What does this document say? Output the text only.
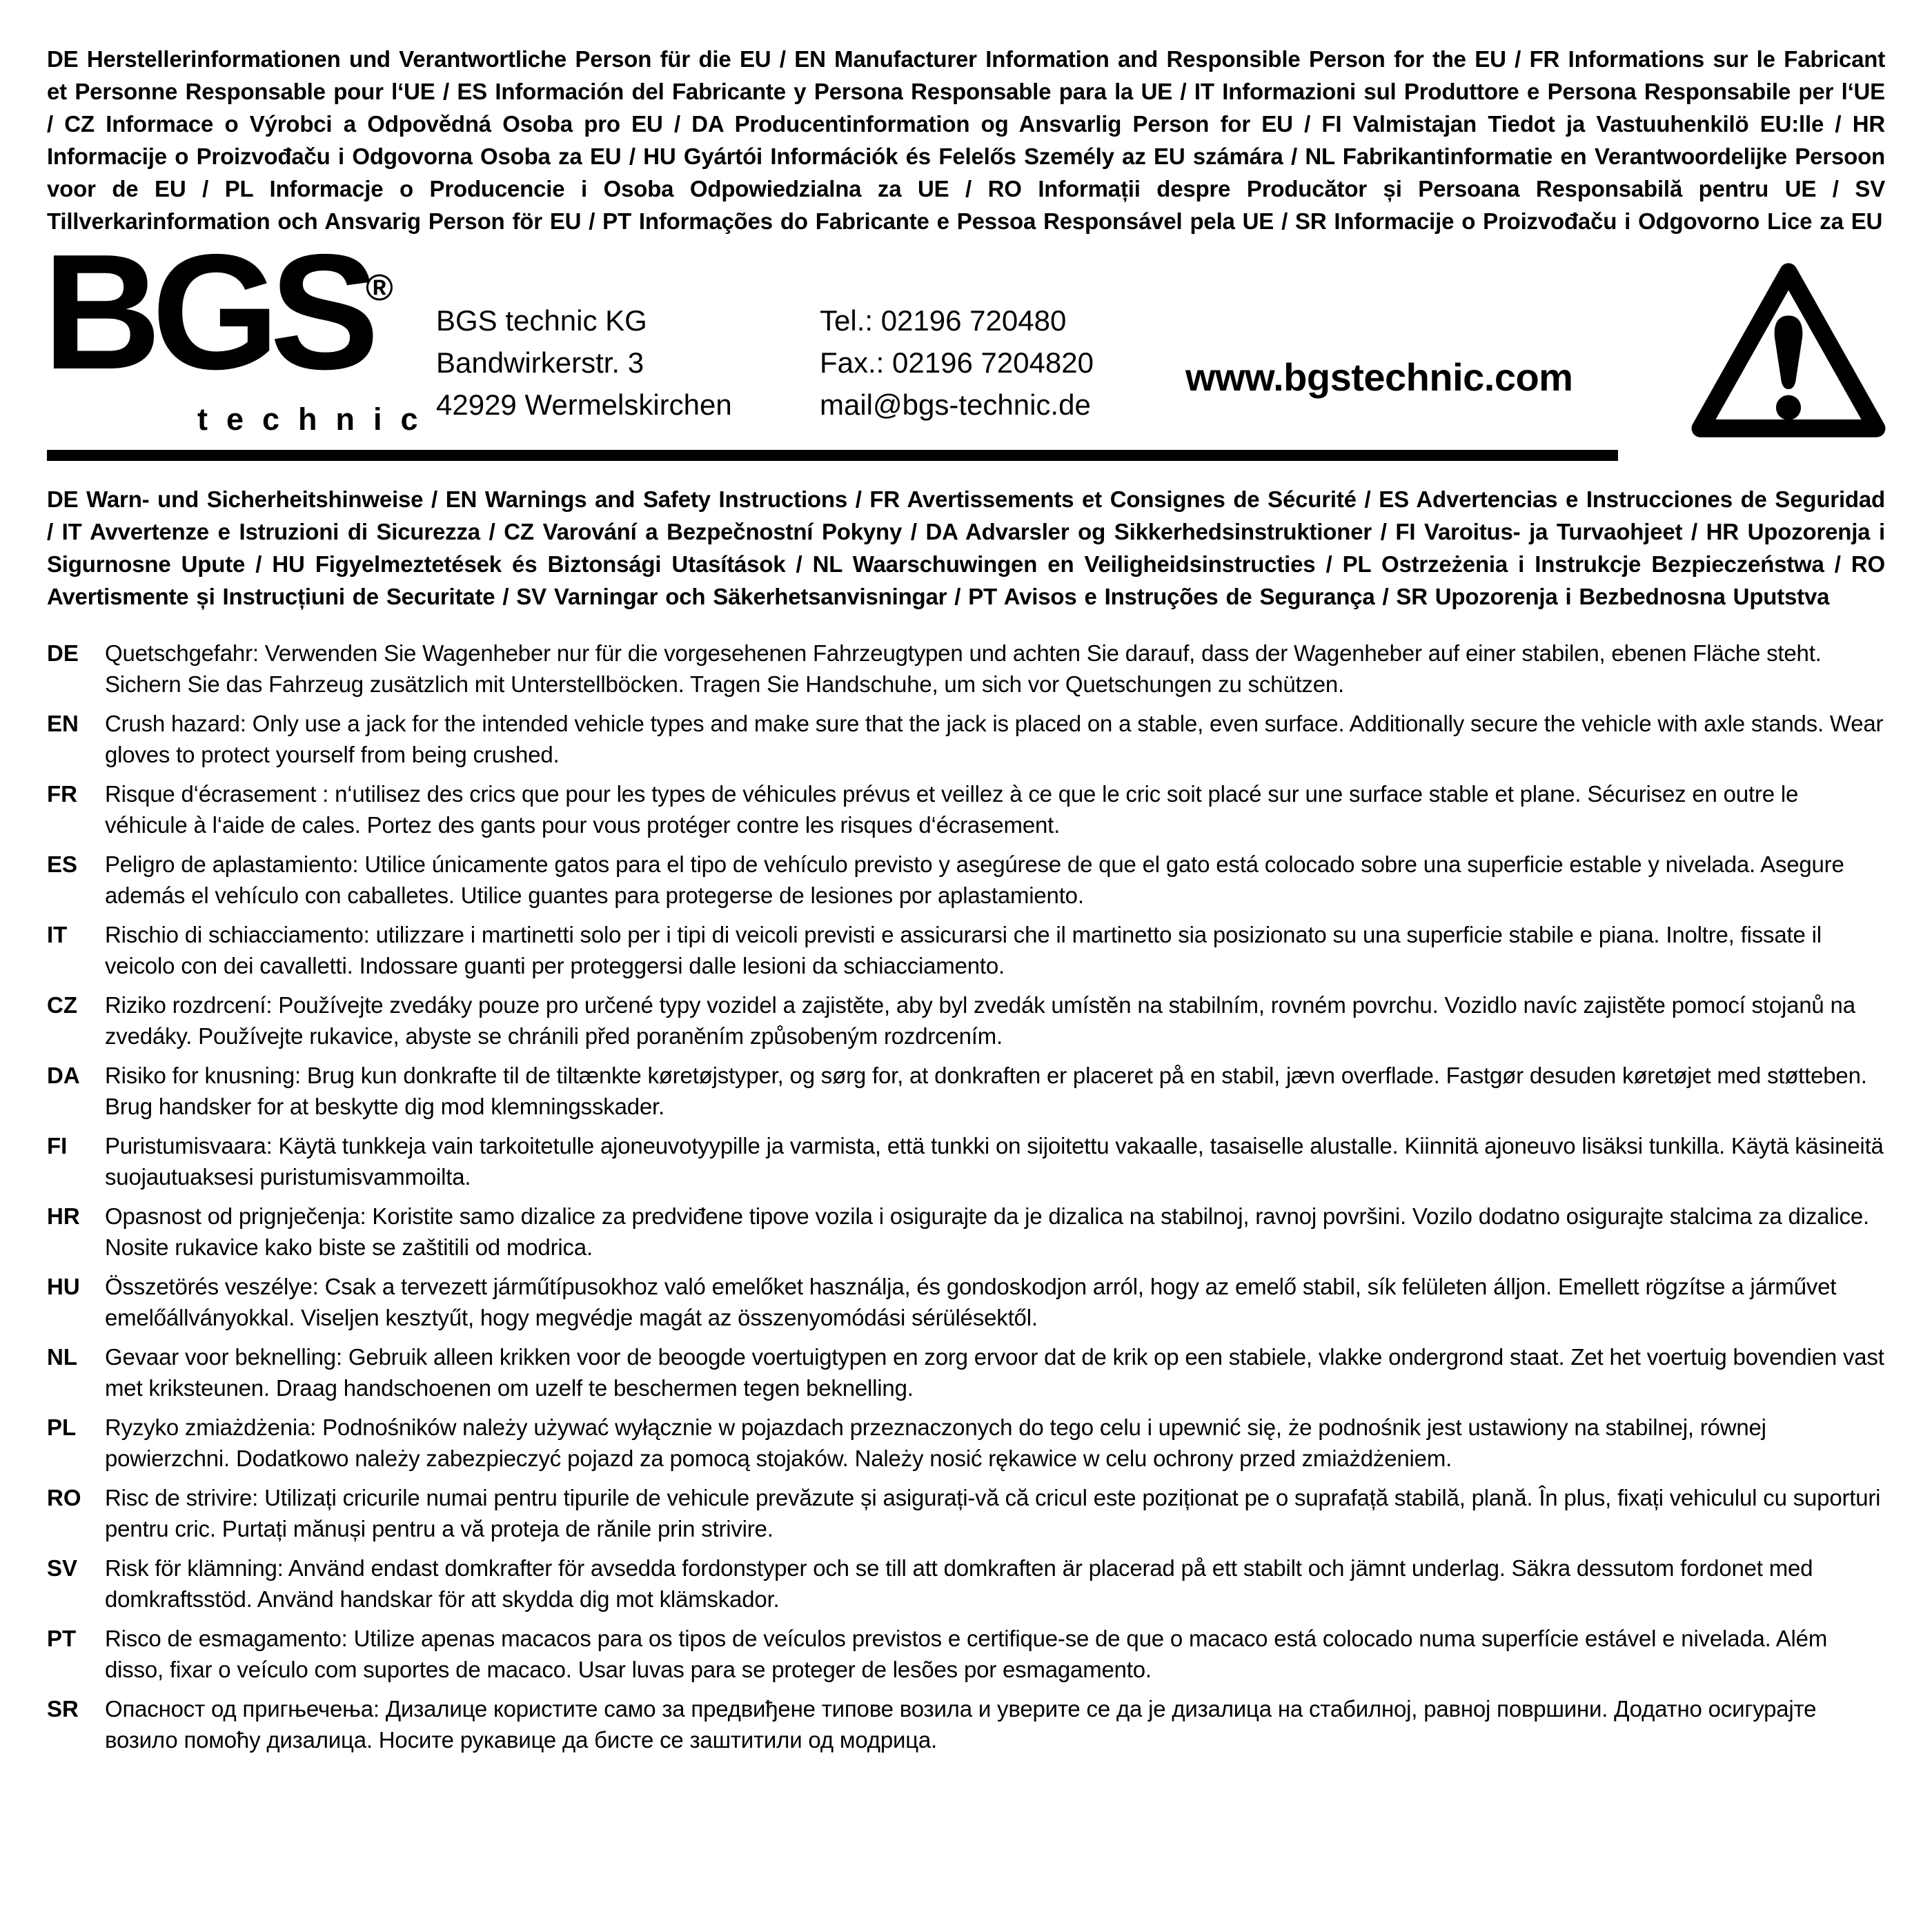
DE Herstellerinformationen und Verantwortliche Person für die EU / EN Manufacturer Information and Responsible Person for the EU / FR Informations sur le Fabricant et Personne Responsable pour l‘UE / ES Información del Fabricante y Persona Responsable para la UE / IT Informazioni sul Produttore e Persona Responsabile per l‘UE / CZ Informace o Výrobci a Odpovědná Osoba pro EU / DA Producentinformation og Ansvarlig Person for EU / FI Valmistajan Tiedot ja Vastuuhenkilö EU:lle / HR Informacije o Proizvođaču i Odgovorna Osoba za EU / HU Gyártói Információk és Felelős Személy az EU számára / NL Fabrikantinformatie en Verantwoordelijke Persoon voor de EU / PL Informacje o Producencie i Osoba Odpowiedzialna za UE / RO Informații despre Producător și Persoana Responsabilă pentru UE / SV Tillverkarinformation och Ansvarig Person för EU / PT Informações do Fabricante e Pessoa Responsável pela UE / SR Informacije o Proizvođaču i Odgovorno Lice za EU
BGS
®
technic
BGS technic KG
Bandwirkerstr. 3
42929 Wermelskirchen
Tel.: 02196 720480
Fax.: 02196 7204820
mail@bgs-technic.de
www.bgstechnic.com
DE Warn- und Sicherheitshinweise / EN Warnings and Safety Instructions / FR Avertissements et Consignes de Sécurité / ES Advertencias e Instrucciones de Seguridad / IT Avvertenze e Istruzioni di Sicurezza / CZ Varování a Bezpečnostní Pokyny / DA Advarsler og Sikkerhedsinstruktioner / FI Varoitus- ja Turvaohjeet / HR Upozorenja i Sigurnosne Upute / HU Figyelmeztetések és Biztonsági Utasítások / NL Waarschuwingen en Veiligheidsinstructies / PL Ostrzeżenia i Instrukcje Bezpieczeństwa / RO Avertismente și Instrucțiuni de Securitate / SV Varningar och Säkerhetsanvisningar / PT Avisos e Instruções de Segurança / SR Upozorenja i Bezbednosna Uputstva
DE	Quetschgefahr: Verwenden Sie Wagenheber nur für die vorgesehenen Fahrzeugtypen und achten Sie darauf, dass der Wagenheber auf einer stabilen, ebenen Fläche steht. Sichern Sie das Fahrzeug zusätzlich mit Unterstellböcken. Tragen Sie Handschuhe, um sich vor Quetschungen zu schützen.
EN	Crush hazard: Only use a jack for the intended vehicle types and make sure that the jack is placed on a stable, even surface. Additionally secure the vehicle with axle stands. Wear gloves to protect yourself from being crushed.
FR	Risque d‘écrasement : n‘utilisez des crics que pour les types de véhicules prévus et veillez à ce que le cric soit placé sur une surface stable et plane. Sécurisez en outre le véhicule à l‘aide de cales. Portez des gants pour vous protéger contre les risques d‘écrasement.
ES	Peligro de aplastamiento: Utilice únicamente gatos para el tipo de vehículo previsto y asegúrese de que el gato está colocado sobre una superficie estable y nivelada. Asegure además el vehículo con caballetes. Utilice guantes para protegerse de lesiones por aplastamiento.
IT	Rischio di schiacciamento: utilizzare i martinetti solo per i tipi di veicoli previsti e assicurarsi che il martinetto sia posizionato su una superficie stabile e piana. Inoltre, fissate il veicolo con dei cavalletti. Indossare guanti per proteggersi dalle lesioni da schiacciamento.
CZ	Riziko rozdrcení: Používejte zvedáky pouze pro určené typy vozidel a zajistěte, aby byl zvedák umístěn na stabilním, rovném povrchu. Vozidlo navíc zajistěte pomocí stojanů na zvedáky. Používejte rukavice, abyste se chránili před poraněním způsobeným rozdrcením.
DA	Risiko for knusning: Brug kun donkrafte til de tiltænkte køretøjstyper, og sørg for, at donkraften er placeret på en stabil, jævn overflade. Fastgør desuden køretøjet med støtteben. Brug handsker for at beskytte dig mod klemningsskader.
FI	Puristumisvaara: Käytä tunkkeja vain tarkoitetulle ajoneuvotyypille ja varmista, että tunkki on sijoitettu vakaalle, tasaiselle alustalle. Kiinnitä ajoneuvo lisäksi tunkilla. Käytä käsineitä suojautuaksesi puristumisvammoilta.
HR	Opasnost od prignječenja: Koristite samo dizalice za predviđene tipove vozila i osigurajte da je dizalica na stabilnoj, ravnoj površini. Vozilo dodatno osigurajte stalcima za dizalice. Nosite rukavice kako biste se zaštitili od modrica.
HU	Összetörés veszélye: Csak a tervezett járműtípusokhoz való emelőket használja, és gondoskodjon arról, hogy az emelő stabil, sík felületen álljon. Emellett rögzítse a járművet emelőállványokkal. Viseljen kesztyűt, hogy megvédje magát az összenyomódási sérülésektől.
NL	Gevaar voor beknelling: Gebruik alleen krikken voor de beoogde voertuigtypen en zorg ervoor dat de krik op een stabiele, vlakke ondergrond staat. Zet het voertuig bovendien vast met kriksteunen. Draag handschoenen om uzelf te beschermen tegen beknelling.
PL	Ryzyko zmiażdżenia: Podnośników należy używać wyłącznie w pojazdach przeznaczonych do tego celu i upewnić się, że podnośnik jest ustawiony na stabilnej, równej powierzchni. Dodatkowo należy zabezpieczyć pojazd za pomocą stojaków. Należy nosić rękawice w celu ochrony przed zmiażdżeniem.
RO	Risc de strivire: Utilizați cricurile numai pentru tipurile de vehicule prevăzute și asigurați-vă că cricul este poziționat pe o suprafață stabilă, plană. În plus, fixați vehiculul cu suporturi pentru cric. Purtați mănuși pentru a vă proteja de rănile prin strivire.
SV	Risk för klämning: Använd endast domkrafter för avsedda fordonstyper och se till att domkraften är placerad på ett stabilt och jämnt underlag. Säkra dessutom fordonet med domkraftsstöd. Använd handskar för att skydda dig mot klämskador.
PT	Risco de esmagamento: Utilize apenas macacos para os tipos de veículos previstos e certifique-se de que o macaco está colocado numa superfície estável e nivelada. Além disso, fixar o veículo com suportes de macaco. Usar luvas para se proteger de lesões por esmagamento.
SR	Опасност од пригњечења: Дизалице користите само за предвиђене типове возила и уверите се да је дизалица на стабилној, равној површини. Додатно осигурајте возило помоћу дизалица. Носите рукавице да бисте се заштитили од модрица.
